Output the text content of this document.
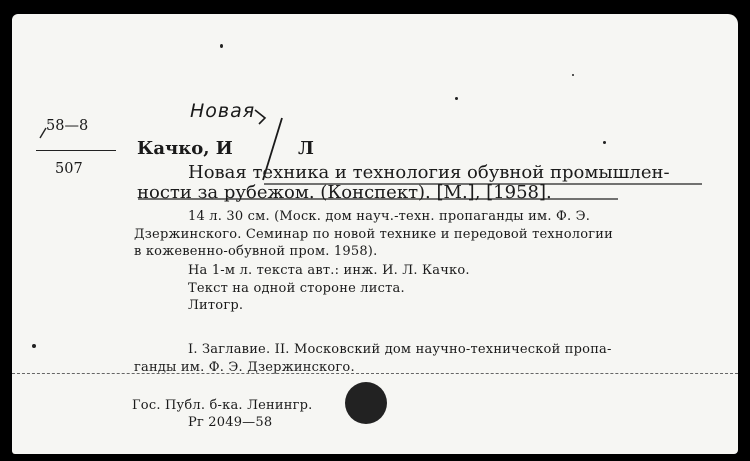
58—8

507

Новая

Качко, И	Л

Новая техника и технология обувной промышлен-

ности за рубежом. (Конспект). [М.], [1958].

14 л. 30 см. (Моск. дом науч.-техн. пропаганды им. Ф. Э.

Дзержинского. Семинар по новой технике и передовой технологии

в кожевенно-обувной пром. 1958).

На 1-м л. текста авт.: инж. И. Л. Качко.

Текст на одной стороне листа.

Литогр.

I. Заглавие. II. Московский дом научно-технической пропа-

ганды им. Ф. Э. Дзержинского.

Гос. Публ. б-ка. Ленингр.

Рг 2049—58
